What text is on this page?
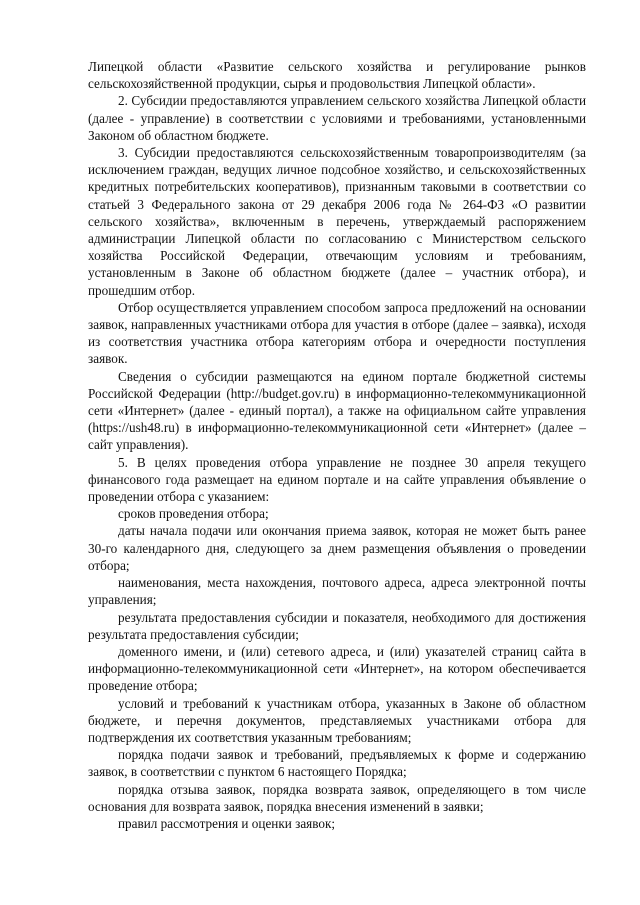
Липецкой области «Развитие сельского хозяйства и регулирование рынков сельскохозяйственной продукции, сырья и продовольствия Липецкой области».

2. Субсидии предоставляются управлением сельского хозяйства Липецкой области (далее - управление) в соответствии с условиями и требованиями, установленными Законом об областном бюджете.

3. Субсидии предоставляются сельскохозяйственным товаропроизводителям (за исключением граждан, ведущих личное подсобное хозяйство, и сельскохозяйственных кредитных потребительских кооперативов), признанным таковыми в соответствии со статьей 3 Федерального закона от 29 декабря 2006 года № 264-ФЗ «О развитии сельского хозяйства», включенным в перечень, утверждаемый распоряжением администрации Липецкой области по согласованию с Министерством сельского хозяйства Российской Федерации, отвечающим условиям и требованиям, установленным в Законе об областном бюджете (далее – участник отбора), и прошедшим отбор.

Отбор осуществляется управлением способом запроса предложений на основании заявок, направленных участниками отбора для участия в отборе (далее – заявка), исходя из соответствия участника отбора категориям отбора и очередности поступления заявок.

Сведения о субсидии размещаются на едином портале бюджетной системы Российской Федерации (http://budget.gov.ru) в информационно-телекоммуникационной сети «Интернет» (далее - единый портал), а также на официальном сайте управления (https://ush48.ru) в информационно-телекоммуникационной сети «Интернет» (далее – сайт управления).

5. В целях проведения отбора управление не позднее 30 апреля текущего финансового года размещает на едином портале и на сайте управления объявление о проведении отбора с указанием:

сроков проведения отбора;

даты начала подачи или окончания приема заявок, которая не может быть ранее 30-го календарного дня, следующего за днем размещения объявления о проведении отбора;

наименования, места нахождения, почтового адреса, адреса электронной почты управления;

результата предоставления субсидии и показателя, необходимого для достижения результата предоставления субсидии;

доменного имени, и (или) сетевого адреса, и (или) указателей страниц сайта в информационно-телекоммуникационной сети «Интернет», на котором обеспечивается проведение отбора;

условий и требований к участникам отбора, указанных в Законе об областном бюджете, и перечня документов, представляемых участниками отбора для подтверждения их соответствия указанным требованиям;

порядка подачи заявок и требований, предъявляемых к форме и содержанию заявок, в соответствии с пунктом 6 настоящего Порядка;

порядка отзыва заявок, порядка возврата заявок, определяющего в том числе основания для возврата заявок, порядка внесения изменений в заявки;

правил рассмотрения и оценки заявок;
